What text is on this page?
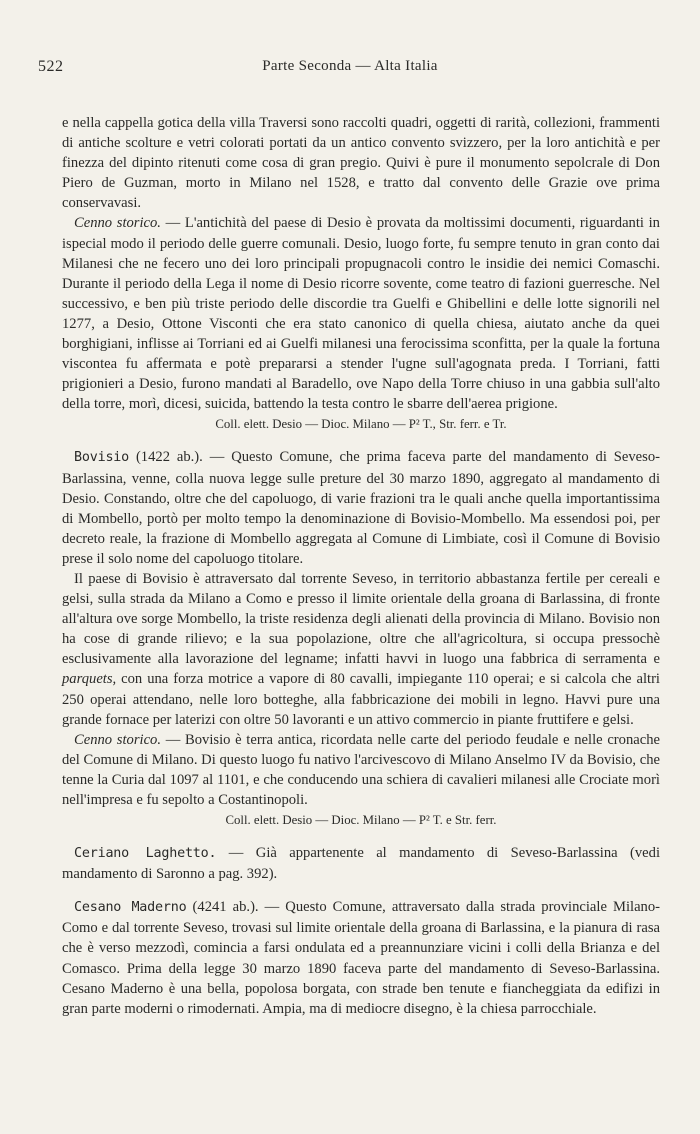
522	Parte Seconda — Alta Italia

e nella cappella gotica della villa Traversi sono raccolti quadri, oggetti di rarità, collezioni, frammenti di antiche scolture e vetri colorati portati da un antico convento svizzero, per la loro antichità e per finezza del dipinto ritenuti come cosa di gran pregio. Quivi è pure il monumento sepolcrale di Don Piero de Guzman, morto in Milano nel 1528, e tratto dal convento delle Grazie ove prima conservavasi.

Cenno storico. — L'antichità del paese di Desio è provata da moltissimi documenti, riguardanti in ispecial modo il periodo delle guerre comunali. Desio, luogo forte, fu sempre tenuto in gran conto dai Milanesi che ne fecero uno dei loro principali propugnacoli contro le insidie dei nemici Comaschi. Durante il periodo della Lega il nome di Desio ricorre sovente, come teatro di fazioni guerresche. Nel successivo, e ben più triste periodo delle discordie tra Guelfi e Ghibellini e delle lotte signorili nel 1277, a Desio, Ottone Visconti che era stato canonico di quella chiesa, aiutato anche da quei borghigiani, inflisse ai Torriani ed ai Guelfi milanesi una ferocissima sconfitta, per la quale la fortuna viscontea fu affermata e potè prepararsi a stender l'ugne sull'agognata preda. I Torriani, fatti prigionieri a Desio, furono mandati al Baradello, ove Napo della Torre chiuso in una gabbia sull'alto della torre, morì, dicesi, suicida, battendo la testa contro le sbarre dell'aerea prigione.

Coll. elett. Desio — Dioc. Milano — P² T., Str. ferr. e Tr.

Bovisio (1422 ab.). — Questo Comune, che prima faceva parte del mandamento di Seveso-Barlassina, venne, colla nuova legge sulle preture del 30 marzo 1890, aggregato al mandamento di Desio. Constando, oltre che del capoluogo, di varie frazioni tra le quali anche quella importantissima di Mombello, portò per molto tempo la denominazione di Bovisio-Mombello. Ma essendosi poi, per decreto reale, la frazione di Mombello aggregata al Comune di Limbiate, così il Comune di Bovisio prese il solo nome del capoluogo titolare.

Il paese di Bovisio è attraversato dal torrente Seveso, in territorio abbastanza fertile per cereali e gelsi, sulla strada da Milano a Como e presso il limite orientale della groana di Barlassina, di fronte all'altura ove sorge Mombello, la triste residenza degli alienati della provincia di Milano. Bovisio non ha cose di grande rilievo; e la sua popolazione, oltre che all'agricoltura, si occupa pressochè esclusivamente alla lavorazione del legname; infatti havvi in luogo una fabbrica di serramenta e parquets, con una forza motrice a vapore di 80 cavalli, impiegante 110 operai; e si calcola che altri 250 operai attendano, nelle loro botteghe, alla fabbricazione dei mobili in legno. Havvi pure una grande fornace per laterizi con oltre 50 lavoranti e un attivo commercio in piante fruttifere e gelsi.

Cenno storico. — Bovisio è terra antica, ricordata nelle carte del periodo feudale e nelle cronache del Comune di Milano. Di questo luogo fu nativo l'arcivescovo di Milano Anselmo IV da Bovisio, che tenne la Curia dal 1097 al 1101, e che conducendo una schiera di cavalieri milanesi alle Crociate morì nell'impresa e fu sepolto a Costantinopoli.

Coll. elett. Desio — Dioc. Milano — P² T. e Str. ferr.

Ceriano Laghetto. — Già appartenente al mandamento di Seveso-Barlassina (vedi mandamento di Saronno a pag. 392).

Cesano Maderno (4241 ab.). — Questo Comune, attraversato dalla strada provinciale Milano-Como e dal torrente Seveso, trovasi sul limite orientale della groana di Barlassina, e la pianura di rasa che è verso mezzodì, comincia a farsi ondulata ed a preannunziare vicini i colli della Brianza e del Comasco. Prima della legge 30 marzo 1890 faceva parte del mandamento di Seveso-Barlassina. Cesano Maderno è una bella, popolosa borgata, con strade ben tenute e fiancheggiata da edifizi in gran parte moderni o rimodernati. Ampia, ma di mediocre disegno, è la chiesa parrocchiale.
